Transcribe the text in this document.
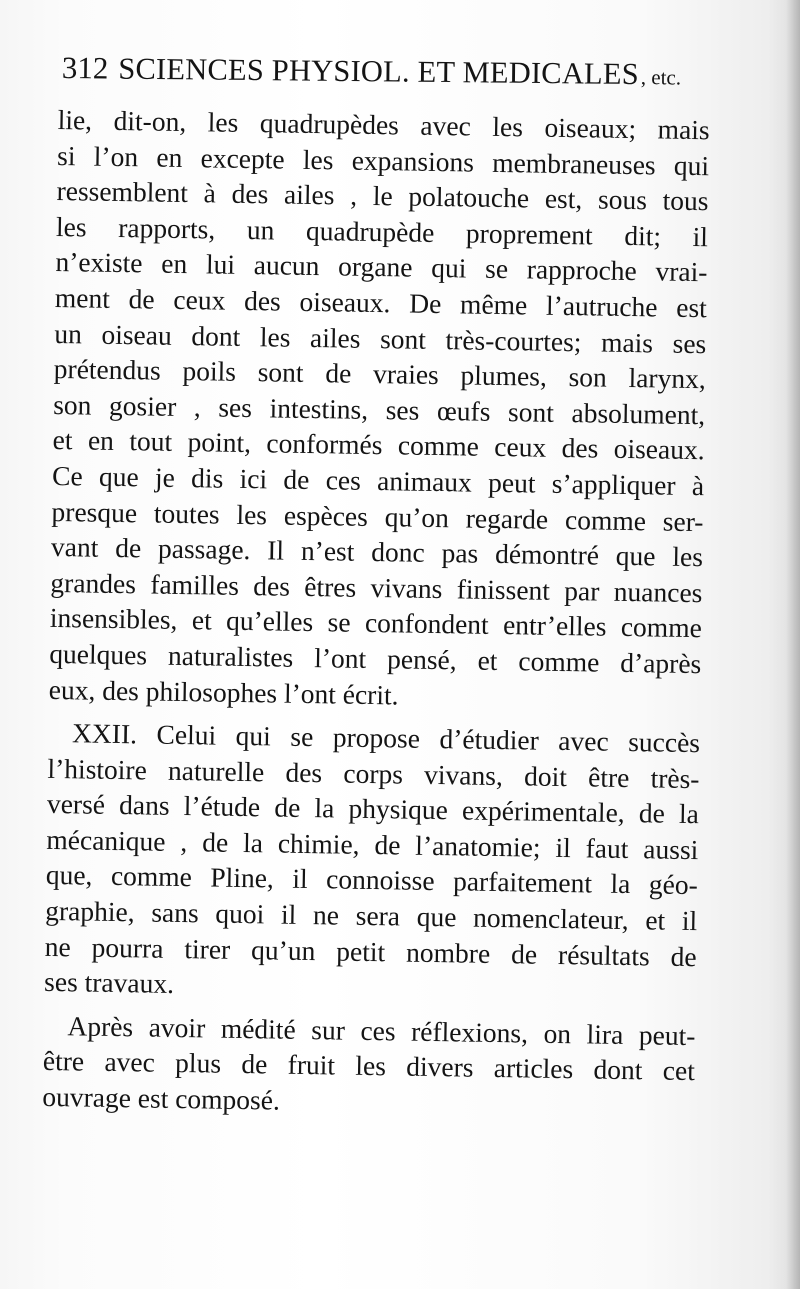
312 SCIENCES PHYSIOL. ET MEDICALES , etc.

lie, dit-on, les quadrupèdes avec les oiseaux; mais
si l’on en excepte les expansions membraneuses qui
ressemblent à des ailes , le polatouche est, sous tous
les rapports, un quadrupède proprement dit; il
n’existe en lui aucun organe qui se rapproche vrai-
ment de ceux des oiseaux. De même l’autruche est
un oiseau dont les ailes sont très-courtes; mais ses
prétendus poils sont de vraies plumes, son larynx,
son gosier , ses intestins, ses œufs sont absolument,
et en tout point, conformés comme ceux des oiseaux.
Ce que je dis ici de ces animaux peut s’appliquer à
presque toutes les espèces qu’on regarde comme ser-
vant de passage. Il n’est donc pas démontré que les
grandes familles des êtres vivans finissent par nuances
insensibles, et qu’elles se confondent entr’elles comme
quelques naturalistes l’ont pensé, et comme d’après
eux, des philosophes l’ont écrit.

XXII. Celui qui se propose d’étudier avec succès
l’histoire naturelle des corps vivans, doit être très-
versé dans l’étude de la physique expérimentale, de la
mécanique , de la chimie, de l’anatomie; il faut aussi
que, comme Pline, il connoisse parfaitement la géo-
graphie, sans quoi il ne sera que nomenclateur, et il
ne pourra tirer qu’un petit nombre de résultats de
ses travaux.

Après avoir médité sur ces réflexions, on lira peut-
être avec plus de fruit les divers articles dont cet
ouvrage est composé.
